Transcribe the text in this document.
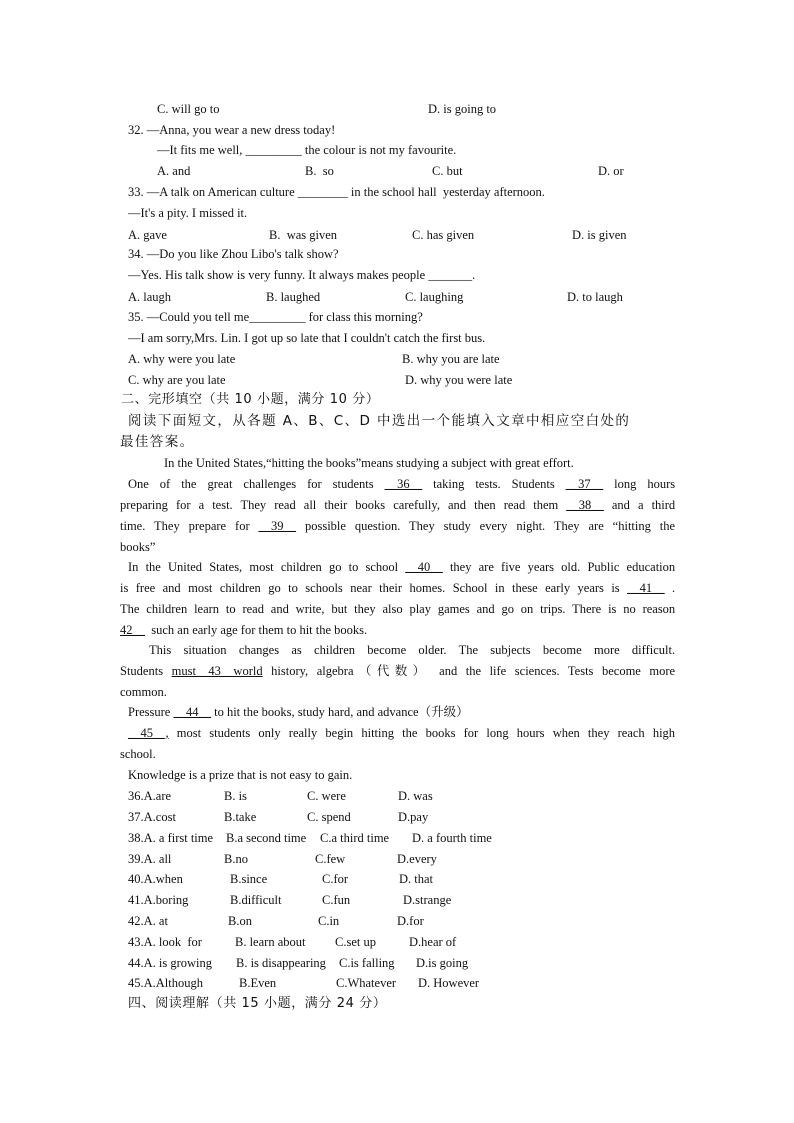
C. will go to

	D. is going to

32. —Anna, you wear a new dress today!

—It fits me well, _________ the colour is not my favourite.

A. and

	B.  so

	C. but

	D. or

33. —A talk on American culture ________ in the school hall  yesterday afternoon.

—It's a pity. I missed it.

A. gave

	B.  was given

	C. has given

	D. is given

34. —Do you like Zhou Libo's talk show?

—Yes. His talk show is very funny. It always makes people _______.

A. laugh

	B. laughed

	C. laughing

	D. to laugh

35. —Could you tell me_________ for class this morning?

—I am sorry,Mrs. Lin. I got up so late that I couldn't catch the first bus.

A. why were you late

	B. why you are late

C. why are you late

	D. why you were late

二、完形填空（共 10 小题，满分 10 分）

阅读下面短文，从各题 A、B、C、D 中选出一个能填入文章中相应空白处的

最佳答案。

In the United States,“hitting the books”means studying a subject with great effort.

One of the great challenges for students __36__ taking tests. Students __37__ long hours
preparing for a test. They read all their books carefully, and then read them __38__ and a third
time. They prepare for __39__ possible question. They study every night. They are “hitting the

books”

In the United States, most children go to school __40__ they are five years old. Public education
is free and most children go to schools near their homes. School in these early years is __41__ .
The children learn to read and write, but they also play games and go on trips. There is no reason

42__  such an early age for them to hit the books.

This situation changes as children become older. The subjects become more difficult.
Students must__43__world history, algebra（代数） and the life sciences. Tests become more

common.

Pressure __44__ to hit the books, study hard, and advance（升级）

__45__, most students only really begin hitting the books for long hours when they reach high

school.

Knowledge is a prize that is not easy to gain.

36.A.are

	B. is

	C. were

	D. was

37.A.cost

	B.take

	C. spend

	D.pay

38.A. a first time

B.a second time

C.a third time

D. a fourth time

39.A. all

	B.no

	C.few

	D.every

40.A.when

	B.since

	C.for

	D. that

41.A.boring

	B.difficult

	C.fun

	D.strange

42.A. at

	B.on

	C.in

	D.for

43.A. look  for

	B. learn about

C.set up

	D.hear of

44.A. is growing

B. is disappearing

C.is falling

D.is going

45.A.Although

	B.Even

	C.Whatever

D. However

四、阅读理解（共 15 小题，满分 24 分）
